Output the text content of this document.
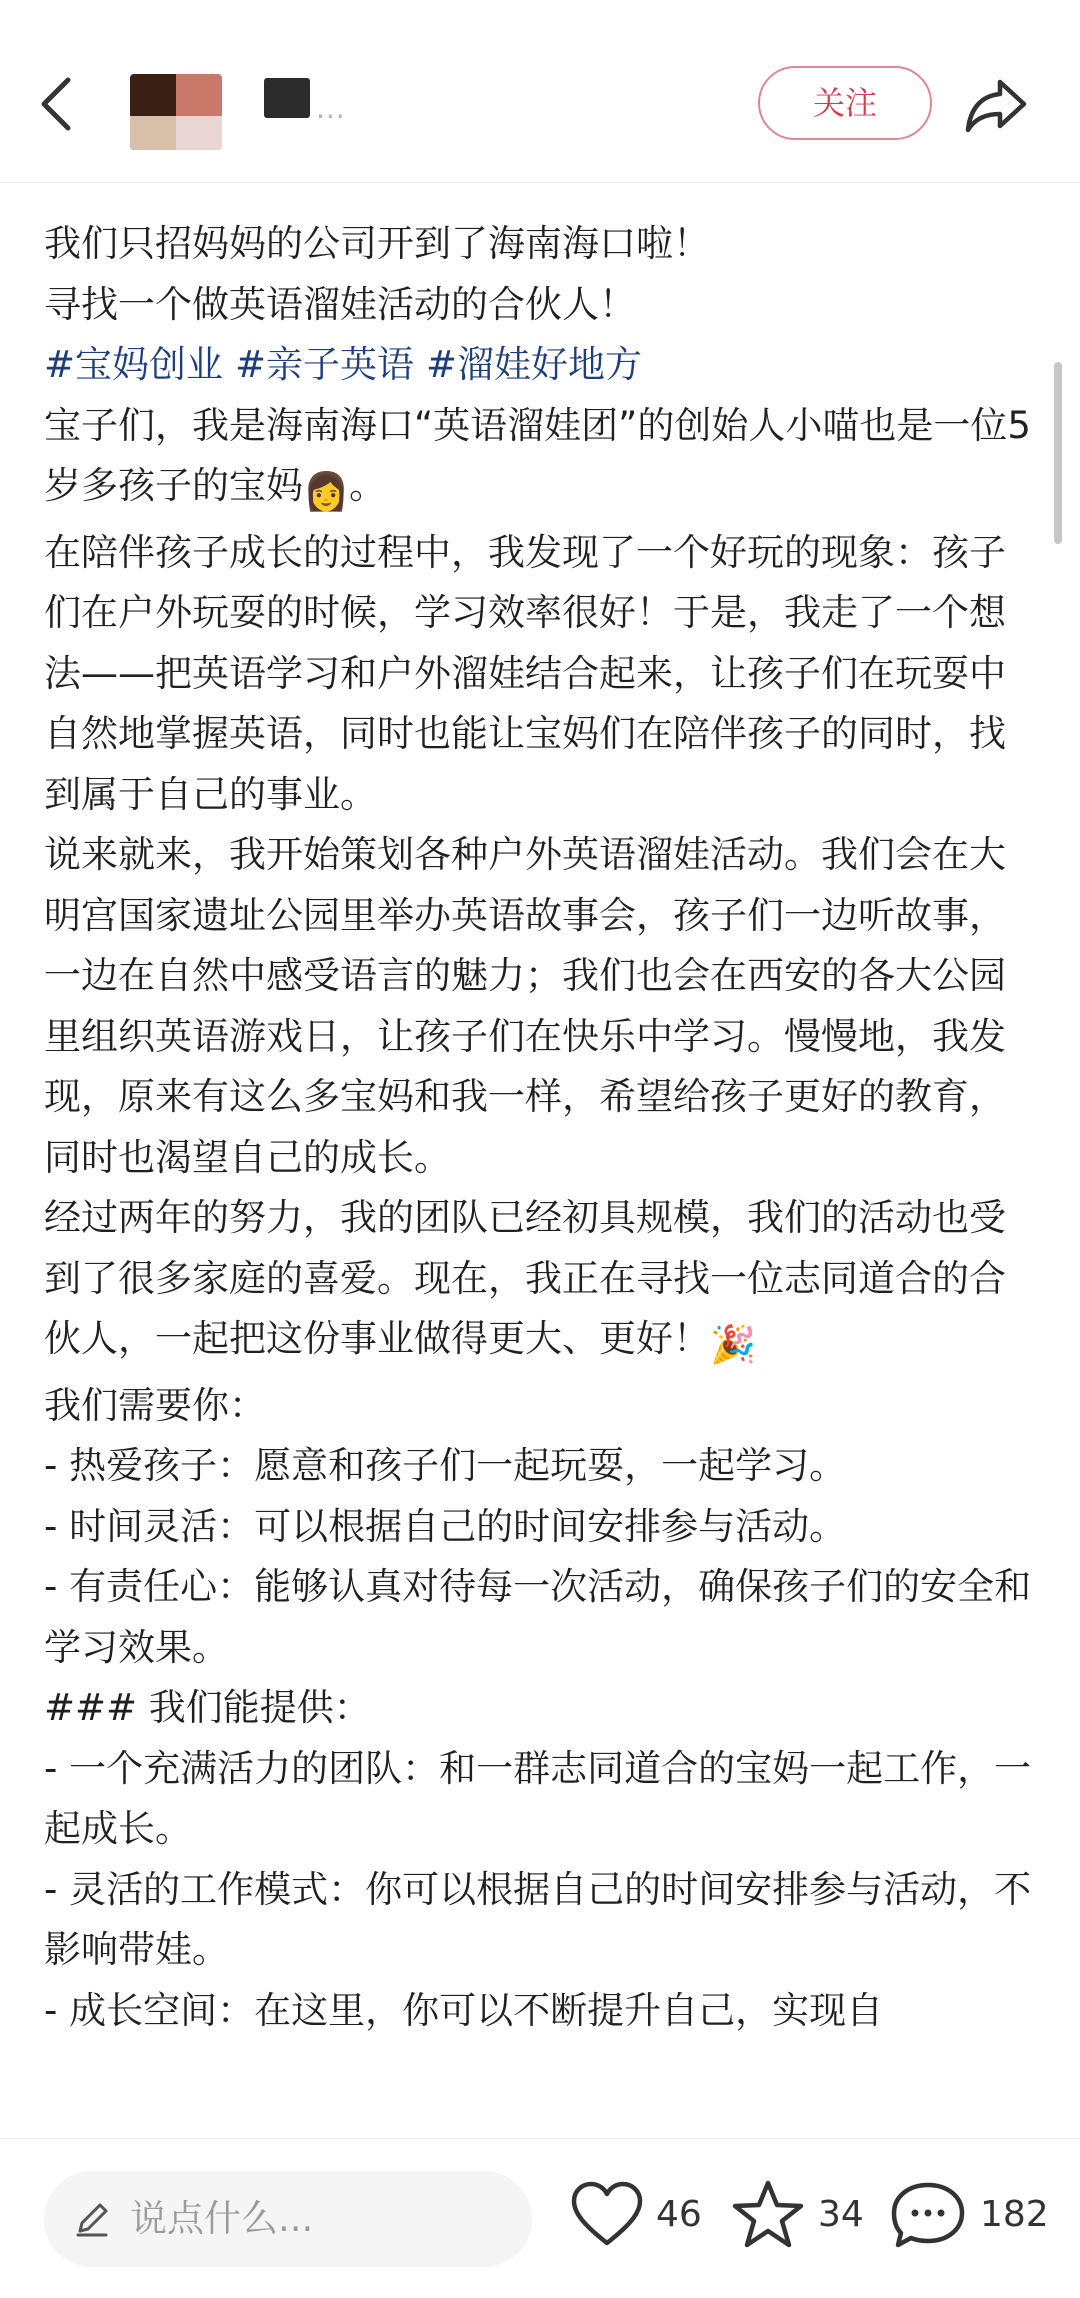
...	关注

我们只招妈妈的公司开到了海南海口啦！

寻找一个做英语溜娃活动的合伙人！

#宝妈创业 #亲子英语 #溜娃好地方

宝子们，我是海南海口“英语溜娃团”的创始人小喵也是一位5岁多孩子的宝妈👩。

在陪伴孩子成长的过程中，我发现了一个好玩的现象：孩子们在户外玩耍的时候，学习效率很好！于是，我走了一个想法——把英语学习和户外溜娃结合起来，让孩子们在玩耍中自然地掌握英语，同时也能让宝妈们在陪伴孩子的同时，找到属于自己的事业。

说来就来，我开始策划各种户外英语溜娃活动。我们会在大明宫国家遗址公园里举办英语故事会，孩子们一边听故事，一边在自然中感受语言的魅力；我们也会在西安的各大公园里组织英语游戏日，让孩子们在快乐中学习。慢慢地，我发现，原来有这么多宝妈和我一样，希望给孩子更好的教育，同时也渴望自己的成长。

经过两年的努力，我的团队已经初具规模，我们的活动也受到了很多家庭的喜爱。现在，我正在寻找一位志同道合的合伙人，一起把这份事业做得更大、更好！🎉

我们需要你：

- 热爱孩子：愿意和孩子们一起玩耍，一起学习。

- 时间灵活：可以根据自己的时间安排参与活动。

- 有责任心：能够认真对待每一次活动，确保孩子们的安全和学习效果。

### 我们能提供：

- 一个充满活力的团队：和一群志同道合的宝妈一起工作，一起成长。

- 灵活的工作模式：你可以根据自己的时间安排参与活动，不影响带娃。

- 成长空间：在这里，你可以不断提升自己，实现自

说点什么...	46	34	182
